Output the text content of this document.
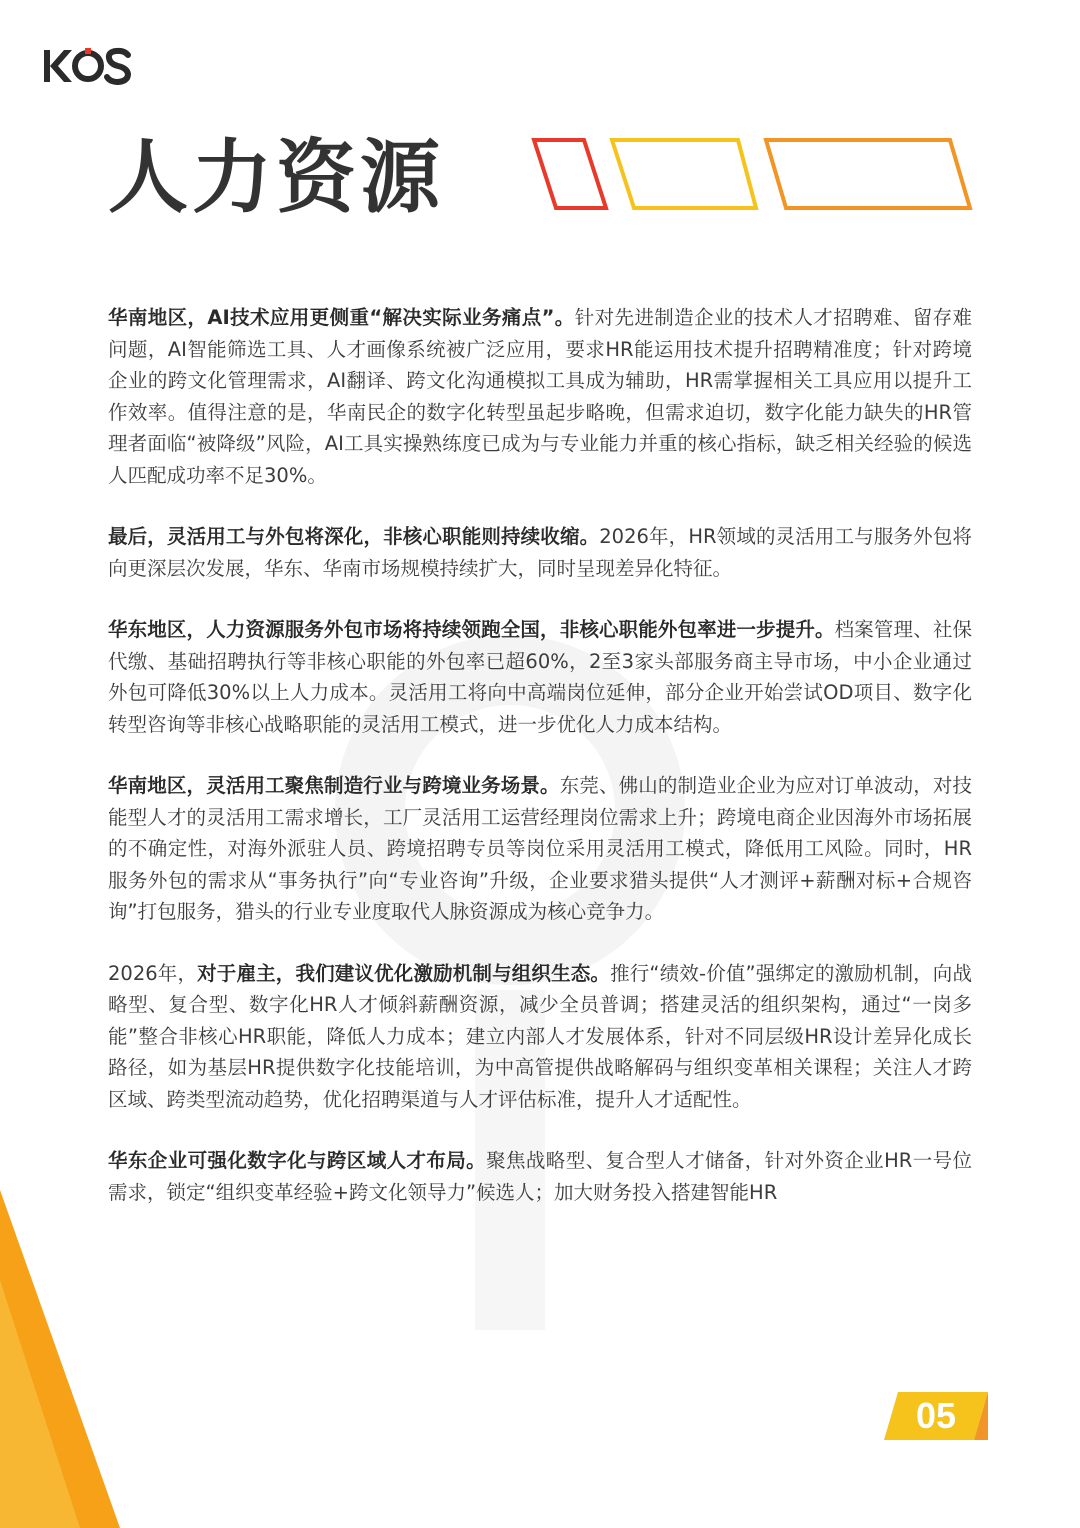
人力资源

华南地区，AI技术应用更侧重“解决实际业务痛点”。针对先进制造企业的技术人才招聘难、留存难问题，AI智能筛选工具、人才画像系统被广泛应用，要求HR能运用技术提升招聘精准度；针对跨境企业的跨文化管理需求，AI翻译、跨文化沟通模拟工具成为辅助，HR需掌握相关工具应用以提升工作效率。值得注意的是，华南民企的数字化转型虽起步略晚，但需求迫切，数字化能力缺失的HR管理者面临“被降级”风险，AI工具实操熟练度已成为与专业能力并重的核心指标，缺乏相关经验的候选人匹配成功率不足30%。

最后，灵活用工与外包将深化，非核心职能则持续收缩。2026年，HR领域的灵活用工与服务外包将向更深层次发展，华东、华南市场规模持续扩大，同时呈现差异化特征。

华东地区，人力资源服务外包市场将持续领跑全国，非核心职能外包率进一步提升。档案管理、社保代缴、基础招聘执行等非核心职能的外包率已超60%，2至3家头部服务商主导市场，中小企业通过外包可降低30%以上人力成本。灵活用工将向中高端岗位延伸，部分企业开始尝试OD项目、数字化转型咨询等非核心战略职能的灵活用工模式，进一步优化人力成本结构。

华南地区，灵活用工聚焦制造行业与跨境业务场景。东莞、佛山的制造业企业为应对订单波动，对技能型人才的灵活用工需求增长，工厂灵活用工运营经理岗位需求上升；跨境电商企业因海外市场拓展的不确定性，对海外派驻人员、跨境招聘专员等岗位采用灵活用工模式，降低用工风险。同时，HR服务外包的需求从“事务执行”向“专业咨询”升级，企业要求猎头提供“人才测评+薪酬对标+合规咨询”打包服务，猎头的行业专业度取代人脉资源成为核心竞争力。

2026年，对于雇主，我们建议优化激励机制与组织生态。推行“绩效-价值”强绑定的激励机制，向战略型、复合型、数字化HR人才倾斜薪酬资源，减少全员普调；搭建灵活的组织架构，通过“一岗多能”整合非核心HR职能，降低人力成本；建立内部人才发展体系，针对不同层级HR设计差异化成长路径，如为基层HR提供数字化技能培训，为中高管提供战略解码与组织变革相关课程；关注人才跨区域、跨类型流动趋势，优化招聘渠道与人才评估标准，提升人才适配性。

华东企业可强化数字化与跨区域人才布局。聚焦战略型、复合型人才储备，针对外资企业HR一号位需求，锁定“组织变革经验+跨文化领导力”候选人；加大财务投入搭建智能HR

05
